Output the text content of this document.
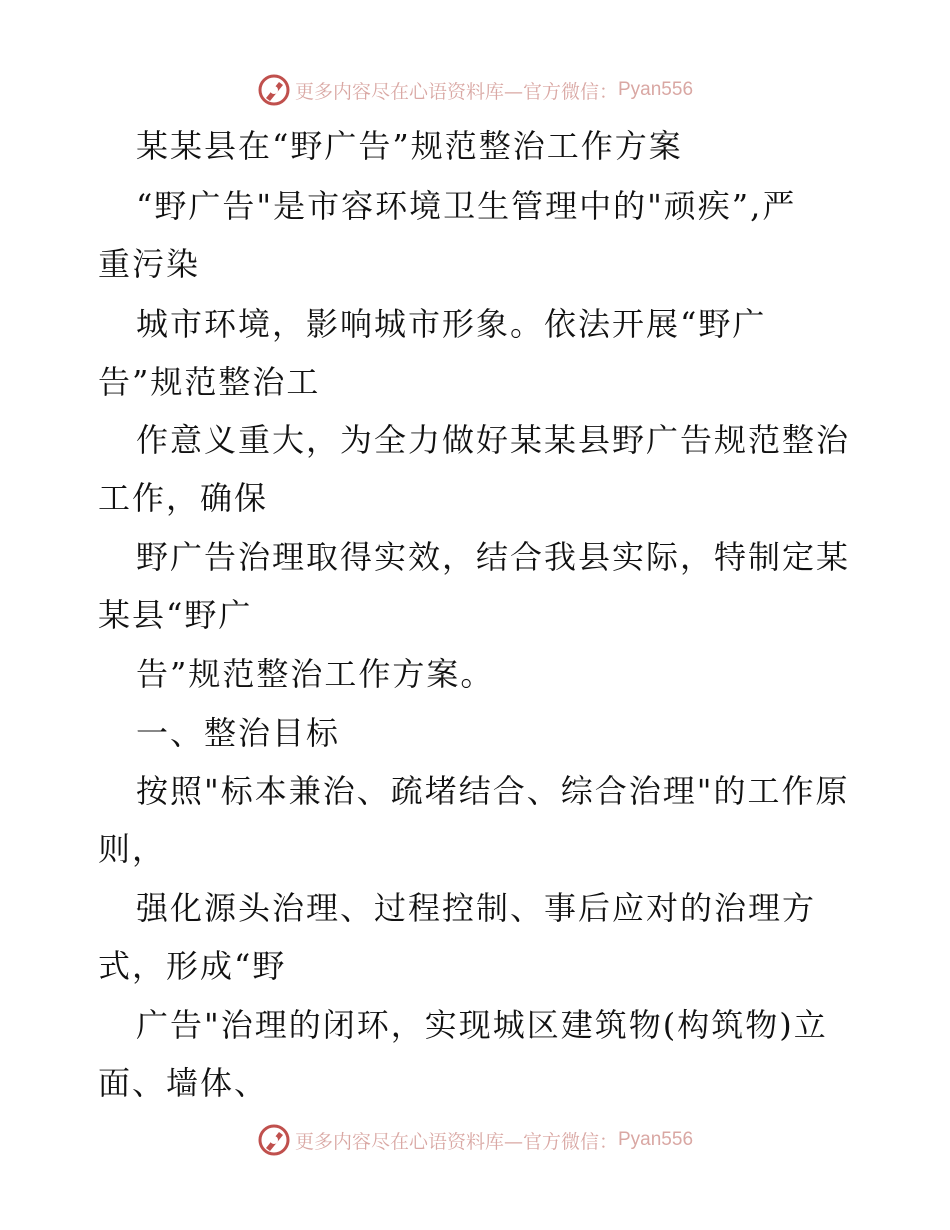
更多内容尽在心语资料库—官方微信： Pyan556
某某县在“野广告”规范整治工作方案
“野广告"是市容环境卫生管理中的"顽疾”,严
重污染
城市环境，影响城市形象。依法开展“野广
告”规范整治工
作意义重大，为全力做好某某县野广告规范整治
工作，确保
野广告治理取得实效，结合我县实际，特制定某
某县“野广
告”规范整治工作方案。
一、整治目标
按照"标本兼治、疏堵结合、综合治理"的工作原
则，
强化源头治理、过程控制、事后应对的治理方
式，形成“野
广告"治理的闭环，实现城区建筑物(构筑物)立
面、墙体、
更多内容尽在心语资料库—官方微信： Pyan556
